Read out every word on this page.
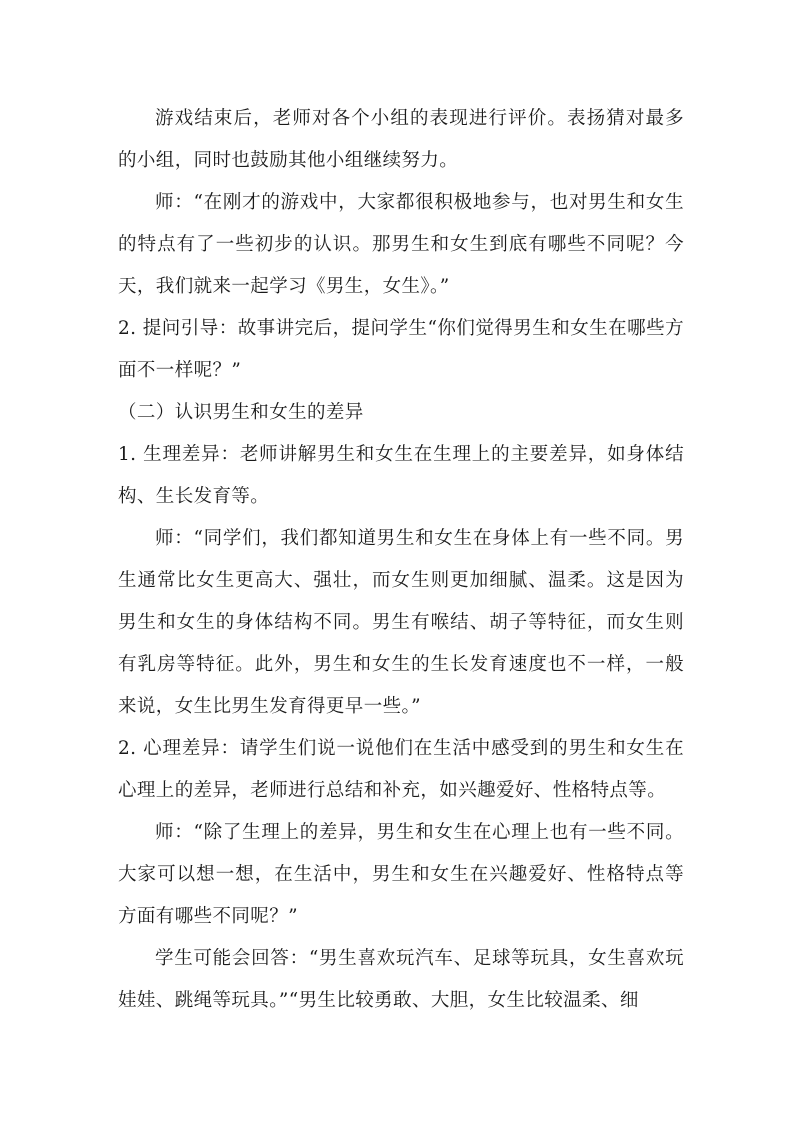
游戏结束后，老师对各个小组的表现进行评价。表扬猜对最多的小组，同时也鼓励其他小组继续努力。

师：“在刚才的游戏中，大家都很积极地参与，也对男生和女生的特点有了一些初步的认识。那男生和女生到底有哪些不同呢？今天，我们就来一起学习《男生，女生》。”

2. 提问引导：故事讲完后，提问学生“你们觉得男生和女生在哪些方面不一样呢？”

（二）认识男生和女生的差异

1. 生理差异：老师讲解男生和女生在生理上的主要差异，如身体结构、生长发育等。

师：“同学们，我们都知道男生和女生在身体上有一些不同。男生通常比女生更高大、强壮，而女生则更加细腻、温柔。这是因为男生和女生的身体结构不同。男生有喉结、胡子等特征，而女生则有乳房等特征。此外，男生和女生的生长发育速度也不一样，一般来说，女生比男生发育得更早一些。”

2. 心理差异：请学生们说一说他们在生活中感受到的男生和女生在心理上的差异，老师进行总结和补充，如兴趣爱好、性格特点等。

师：“除了生理上的差异，男生和女生在心理上也有一些不同。大家可以想一想，在生活中，男生和女生在兴趣爱好、性格特点等方面有哪些不同呢？”

学生可能会回答：“男生喜欢玩汽车、足球等玩具，女生喜欢玩娃娃、跳绳等玩具。”“男生比较勇敢、大胆，女生比较温柔、细
